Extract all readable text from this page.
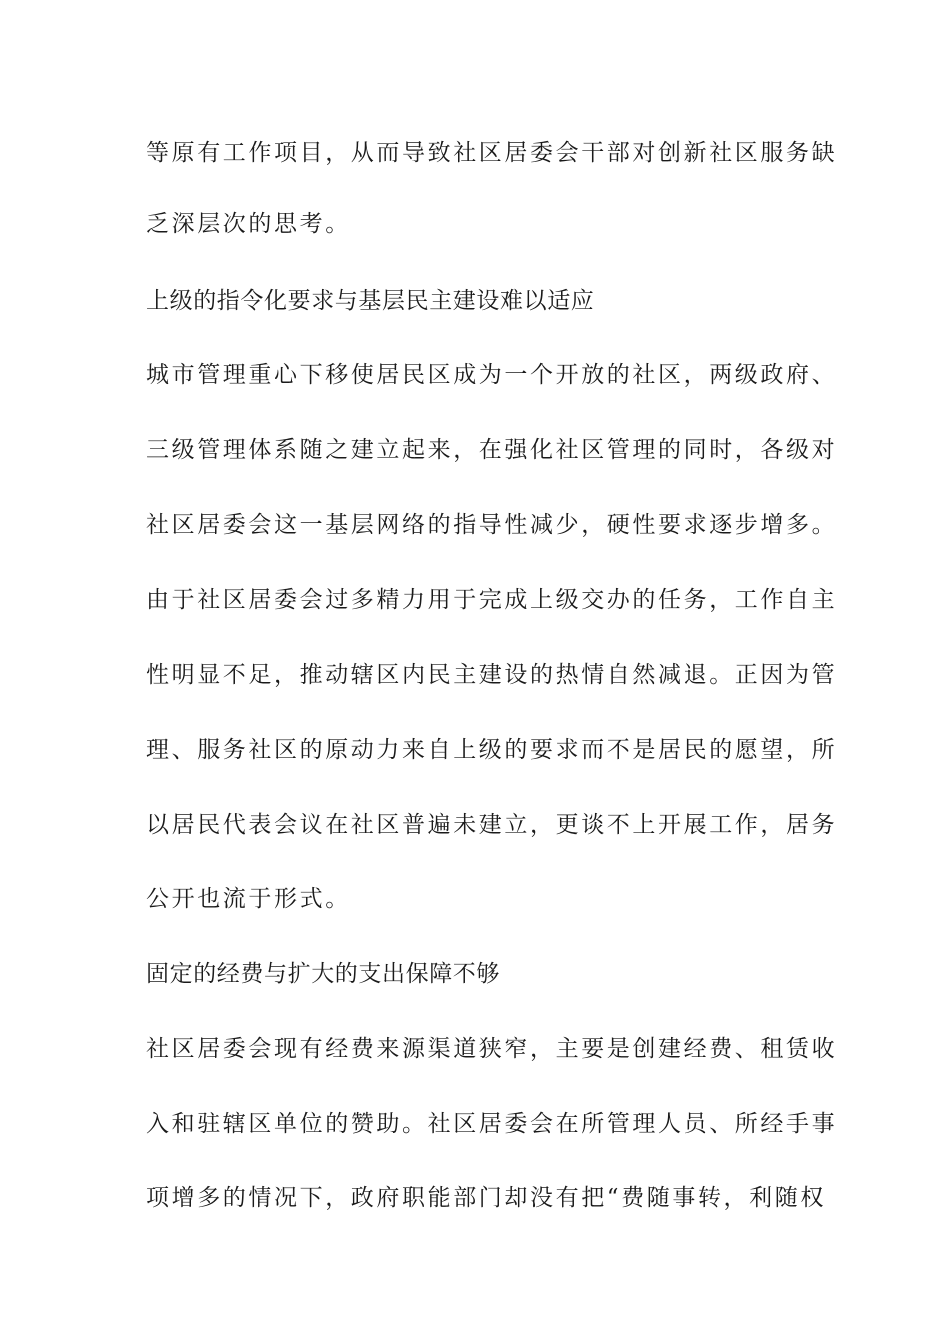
等原有工作项目，从而导致社区居委会干部对创新社区服务缺
乏深层次的思考。
上级的指令化要求与基层民主建设难以适应
城市管理重心下移使居民区成为一个开放的社区，两级政府、
三级管理体系随之建立起来，在强化社区管理的同时，各级对
社区居委会这一基层网络的指导性减少，硬性要求逐步增多。
由于社区居委会过多精力用于完成上级交办的任务，工作自主
性明显不足，推动辖区内民主建设的热情自然减退。正因为管
理、服务社区的原动力来自上级的要求而不是居民的愿望，所
以居民代表会议在社区普遍未建立，更谈不上开展工作，居务
公开也流于形式。
固定的经费与扩大的支出保障不够
社区居委会现有经费来源渠道狭窄，主要是创建经费、租赁收
入和驻辖区单位的赞助。社区居委会在所管理人员、所经手事
项增多的情况下，政府职能部门却没有把“费随事转，利随权
